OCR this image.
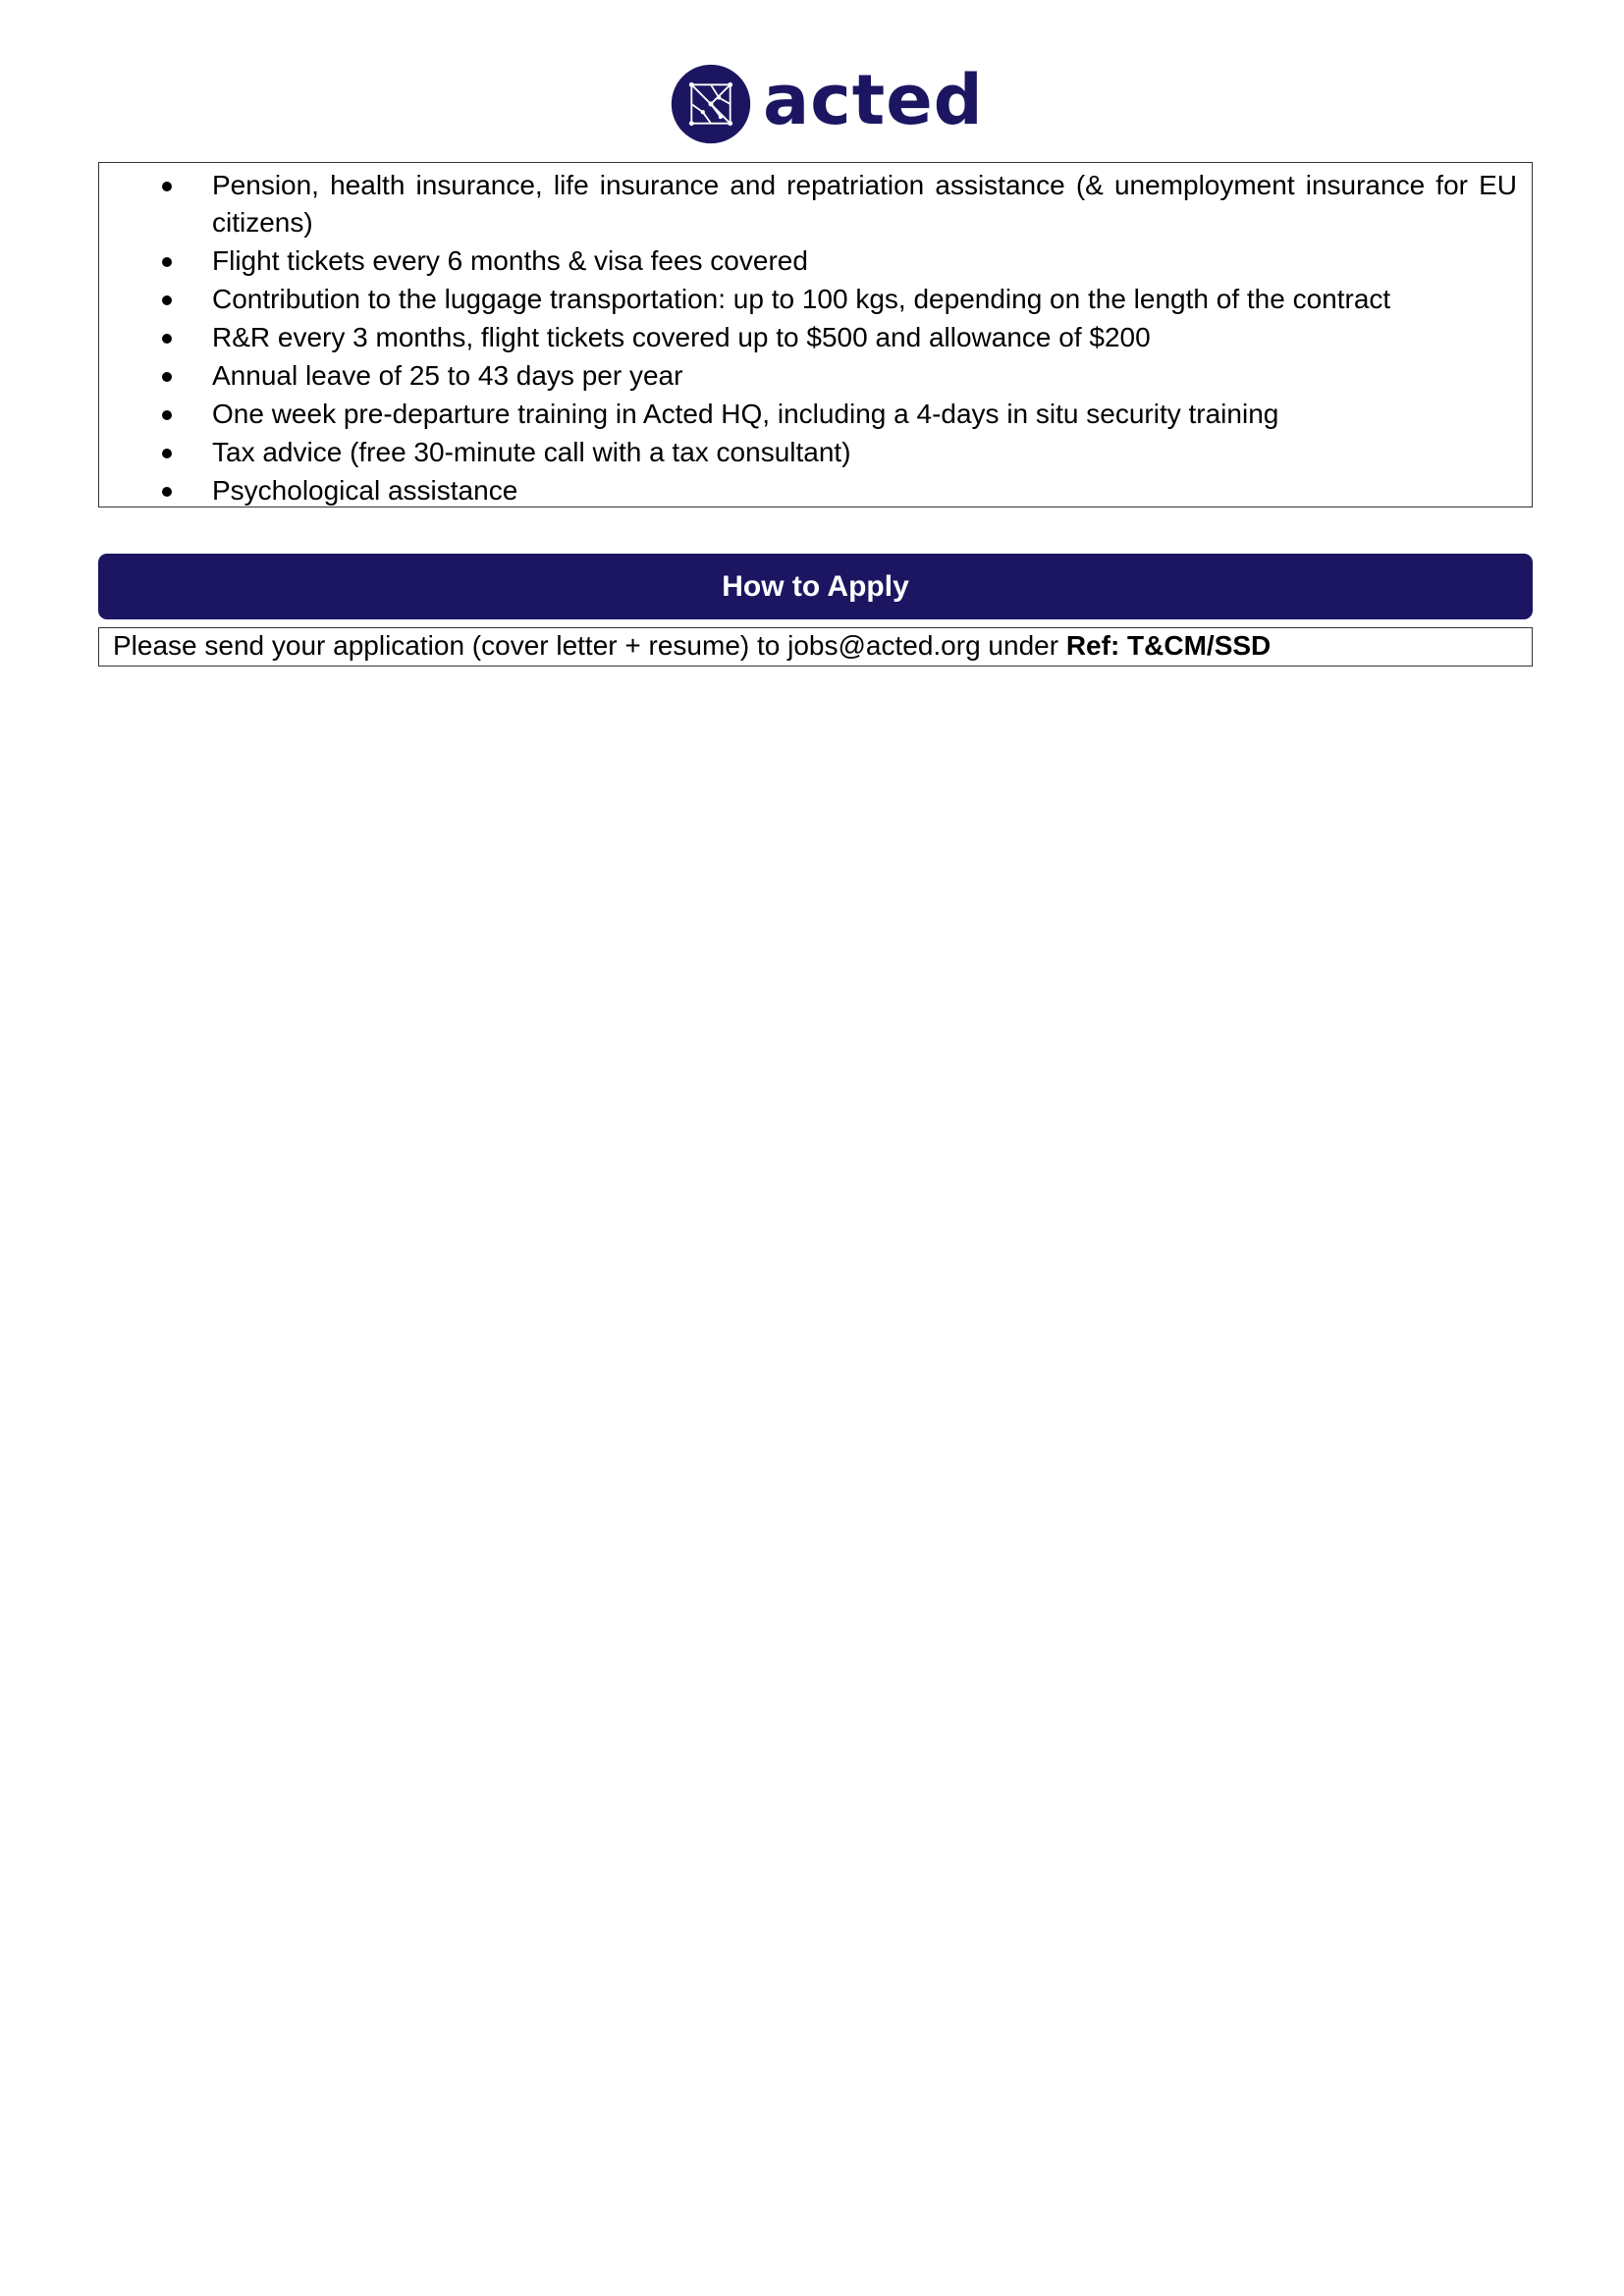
acted
Pension, health insurance, life insurance and repatriation assistance (& unemployment insurance for EU citizens)
Flight tickets every 6 months & visa fees covered
Contribution to the luggage transportation: up to 100 kgs, depending on the length of the contract
R&R every 3 months, flight tickets covered up to $500 and allowance of $200
Annual leave of 25 to 43 days per year
One week pre-departure training in Acted HQ, including a 4-days in situ security training
Tax advice (free 30-minute call with a tax consultant)
Psychological assistance
How to Apply
Please send your application (cover letter + resume) to jobs@acted.org under Ref: T&CM/SSD
